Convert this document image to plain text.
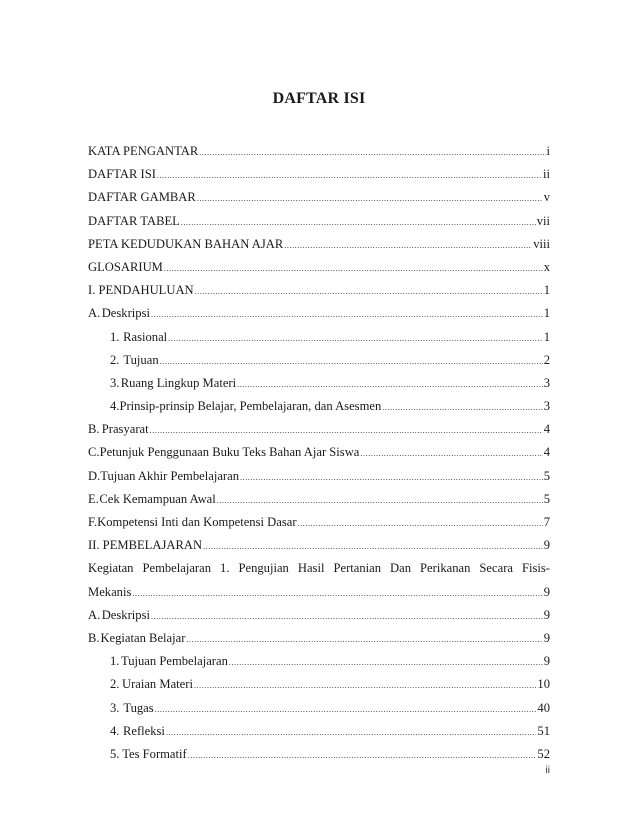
DAFTAR ISI
KATA PENGANTAR .....	i
DAFTAR ISI .....	ii
DAFTAR GAMBAR .....	v
DAFTAR TABEL .....	vii
PETA KEDUDUKAN BAHAN AJAR .....	viii
GLOSARIUM .....	x
I. PENDAHULUAN .....	1
A. Deskripsi .....	1
1. Rasional .....	1
2. Tujuan .....	2
3. Ruang Lingkup Materi .....	3
4. Prinsip-prinsip Belajar, Pembelajaran, dan Asesmen .....	3
B. Prasyarat .....	4
C. Petunjuk Penggunaan Buku Teks Bahan Ajar Siswa .....	4
D. Tujuan Akhir Pembelajaran .....	5
E. Cek Kemampuan Awal .....	5
F. Kompetensi Inti dan Kompetensi Dasar .....	7
II. PEMBELAJARAN .....	9
Kegiatan Pembelajaran 1. Pengujian Hasil Pertanian Dan Perikanan Secara Fisis-
Mekanis .....	9
A. Deskripsi .....	9
B. Kegiatan Belajar .....	9
1. Tujuan Pembelajaran .....	9
2. Uraian Materi .....	10
3. Tugas .....	40
4. Refleksi .....	51
5. Tes Formatif .....	52
ii
